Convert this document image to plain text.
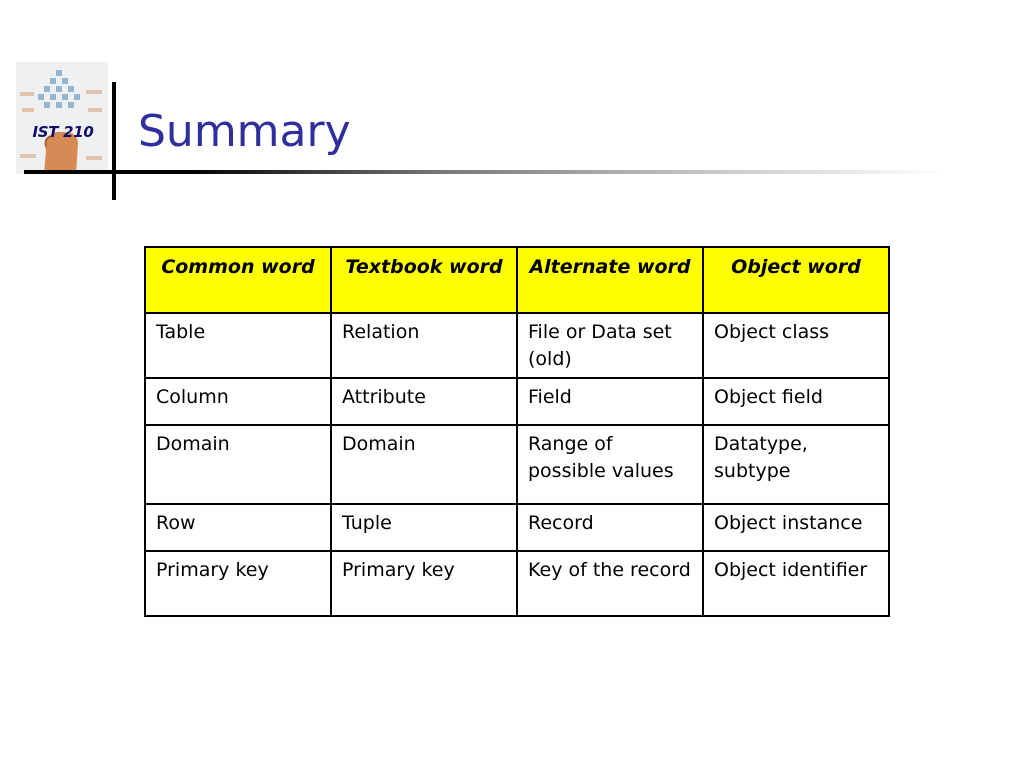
IST 210 Summary
Common word	Textbook word	Alternate word	Object word
Table	Relation	File or Data set (old)	Object class
Column	Attribute	Field	Object field
Domain	Domain	Range of possible values	Datatype, subtype
Row	Tuple	Record	Object instance
Primary key	Primary key	Key of the record	Object identifier
